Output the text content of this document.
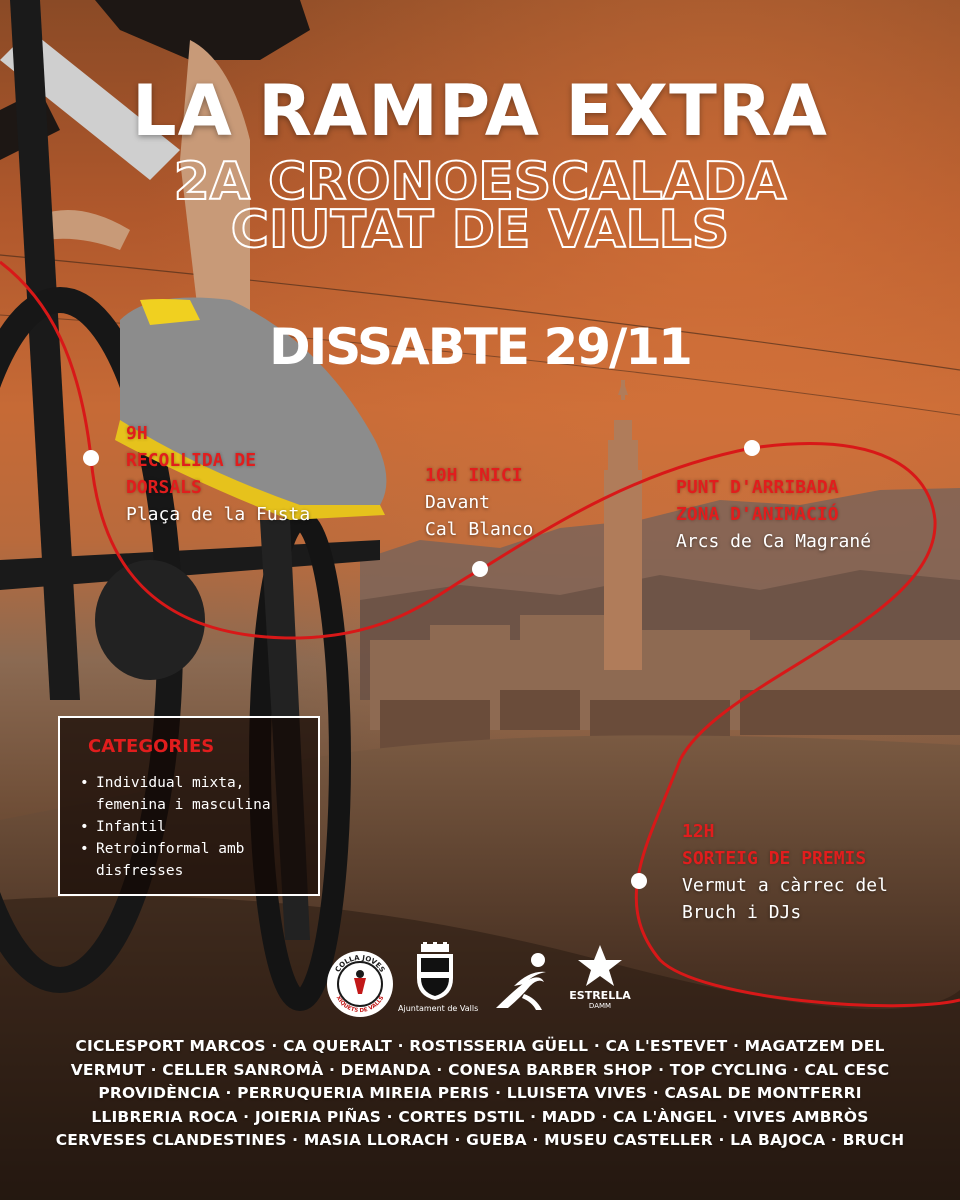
LA RAMPA EXTRA
2A CRONOESCALADA
CIUTAT DE VALLS
DISSABTE 29/11
9H
RECOLLIDA DE
DORSALS
Plaça de la Fusta
10H INICI
Davant
Cal Blanco
PUNT D'ARRIBADA
ZONA D'ANIMACIÓ
Arcs de Ca Magrané
12H
SORTEIG DE PREMIS
Vermut a càrrec del
Bruch i DJs
CATEGORIES
• Individual mixta,
femenina i masculina
• Infantil
• Retroinformal amb
disfresses
COLLA JOVES
XIQUETS DE VALLS
Ajuntament de Valls
ESTRELLA
DAMM
CICLESPORT MARCOS · CA QUERALT · ROSTISSERIA GÜELL · CA L'ESTEVET · MAGATZEM DEL
VERMUT · CELLER SANROMÀ · DEMANDA · CONESA BARBER SHOP · TOP CYCLING · CAL CESC
PROVIDÈNCIA · PERRUQUERIA MIREIA PERIS · LLUISETA VIVES · CASAL DE MONTFERRI
LLIBRERIA ROCA · JOIERIA PIÑAS · CORTES DSTIL · MADD · CA L'ÀNGEL · VIVES AMBRÒS
CERVESES CLANDESTINES · MASIA LLORACH · GUEBA · MUSEU CASTELLER · LA BAJOCA · BRUCH
